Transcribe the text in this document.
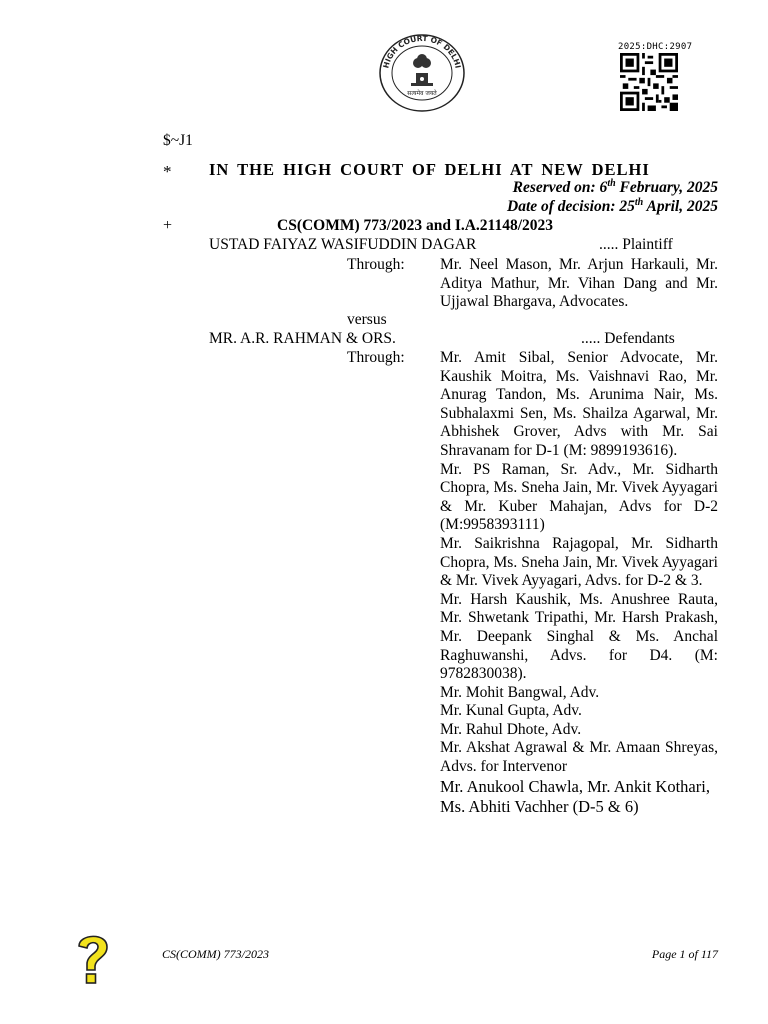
HIGH COURT OF DELHI
सत्यमेव जयते
2025:DHC:2907
$~J1
* IN THE HIGH COURT OF DELHI AT NEW DELHI
Reserved on: 6th February, 2025
Date of decision: 25th April, 2025
+	CS(COMM) 773/2023 and I.A.21148/2023
USTAD FAIYAZ WASIFUDDIN DAGAR	..... Plaintiff
Through: Mr. Neel Mason, Mr. Arjun Harkauli, Mr. Aditya Mathur, Mr. Vihan Dang and Mr. Ujjawal Bhargava, Advocates.
versus
MR. A.R. RAHMAN & ORS.	..... Defendants
Through: Mr. Amit Sibal, Senior Advocate, Mr. Kaushik Moitra, Ms. Vaishnavi Rao, Mr. Anurag Tandon, Ms. Arunima Nair, Ms. Subhalaxmi Sen, Ms. Shailza Agarwal, Mr. Abhishek Grover, Advs with Mr. Sai Shravanam for D-1 (M: 9899193616).

Mr. PS Raman, Sr. Adv., Mr. Sidharth Chopra, Ms. Sneha Jain, Mr. Vivek Ayyagari & Mr. Kuber Mahajan, Advs for D-2 (M:9958393111)

Mr. Saikrishna Rajagopal, Mr. Sidharth Chopra, Ms. Sneha Jain, Mr. Vivek Ayyagari & Mr. Vivek Ayyagari, Advs. for D-2 & 3.

Mr. Harsh Kaushik, Ms. Anushree Rauta, Mr. Shwetank Tripathi, Mr. Harsh Prakash, Mr. Deepank Singhal & Ms. Anchal Raghuwanshi, Advs. for D4. (M: 9782830038).

Mr. Mohit Bangwal, Adv.

Mr. Kunal Gupta, Adv.

Mr. Rahul Dhote, Adv.

Mr. Akshat Agrawal & Mr. Amaan Shreyas, Advs. for Intervenor

Mr. Anukool Chawla, Mr. Ankit Kothari, Ms. Abhiti Vachher (D-5 & 6)

CS(COMM) 773/2023	Page 1 of 117
